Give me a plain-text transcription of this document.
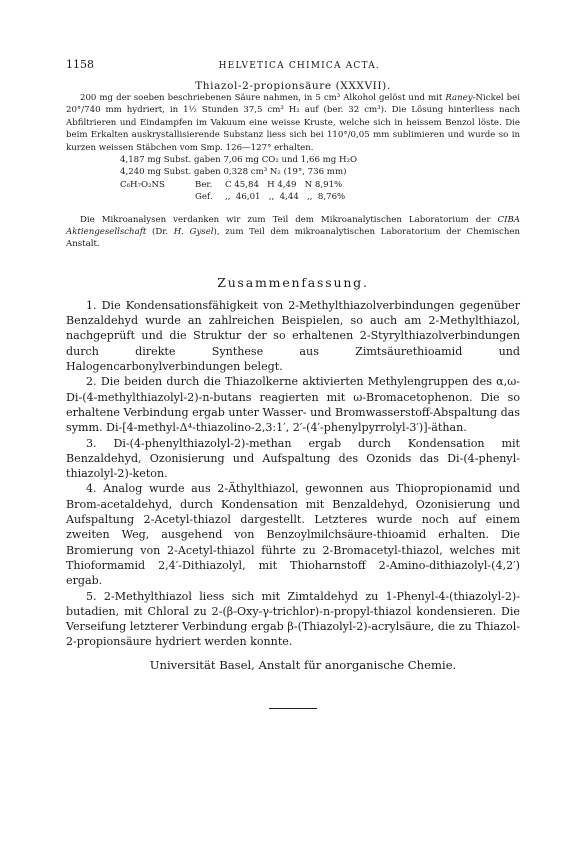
1158	HELVETICA CHIMICA ACTA.
Thiazol-2-propionsäure (XXXVII).

200 mg der soeben beschriebenen Säure nahmen, in 5 cm³ Alkohol gelöst und mit Raney-Nickel bei 20°/740 mm hydriert, in 1½ Stunden 37,5 cm³ H₂ auf (ber. 32 cm³). Die Lösung hinterliess nach Abfiltrieren und Eindampfen im Vakuum eine weisse Kruste, welche sich in heissem Benzol löste. Die beim Erkalten auskrystallisierende Substanz liess sich bei 110°/0,05 mm sublimieren und wurde so in kurzen weissen Stäbchen vom Smp. 126—127° erhalten.

4,187 mg Subst. gaben 7,06 mg CO₂ und 1,66 mg H₂O
4,240 mg Subst. gaben 0,328 cm³ N₂ (19°, 736 mm)
C₆H₇O₂NS	Ber.	C 45,84   H 4,49   N 8,91%
Gef.	,,  46,01   ,,  4,44   ,,  8,76%

Die Mikroanalysen verdanken wir zum Teil dem Mikroanalytischen Laboratorium der CIBA Aktiengesellschaft (Dr. H. Gysel), zum Teil dem mikroanalytischen Laboratorium der Chemischen Anstalt.

Zusammenfassung.

1. Die Kondensationsfähigkeit von 2-Methylthiazolverbindungen gegenüber Benzaldehyd wurde an zahlreichen Beispielen, so auch am 2-Methylthiazol, nachgeprüft und die Struktur der so erhaltenen 2-Styrylthiazolverbindungen durch direkte Synthese aus Zimtsäurethioamid und Halogencarbonylverbindungen belegt.

2. Die beiden durch die Thiazolkerne aktivierten Methylengruppen des α,ω-Di-(4-methylthiazolyl-2)-n-butans reagierten mit ω-Bromacetophenon. Die so erhaltene Verbindung ergab unter Wasser- und Bromwasserstoff-Abspaltung das symm. Di-[4-methyl-Δ⁴-thiazolino-2,3:1′, 2′-(4′-phenylpyrrolyl-3′)]-äthan.

3. Di-(4-phenylthiazolyl-2)-methan ergab durch Kondensation mit Benzaldehyd, Ozonisierung und Aufspaltung des Ozonids das Di-(4-phenyl-thiazolyl-2)-keton.

4. Analog wurde aus 2-Äthylthiazol, gewonnen aus Thiopropionamid und Brom-acetaldehyd, durch Kondensation mit Benzaldehyd, Ozonisierung und Aufspaltung 2-Acetyl-thiazol dargestellt. Letzteres wurde noch auf einem zweiten Weg, ausgehend von Benzoylmilchsäure-thioamid erhalten. Die Bromierung von 2-Acetyl-thiazol führte zu 2-Bromacetyl-thiazol, welches mit Thioformamid 2,4′-Dithiazolyl, mit Thioharnstoff 2-Amino-dithiazolyl-(4,2′) ergab.

5. 2-Methylthiazol liess sich mit Zimtaldehyd zu 1-Phenyl-4-(thiazolyl-2)-butadien, mit Chloral zu 2-(β-Oxy-γ-trichlor)-n-propyl-thiazol kondensieren. Die Verseifung letzterer Verbindung ergab β-(Thiazolyl-2)-acrylsäure, die zu Thiazol-2-propionsäure hydriert werden konnte.

Universität Basel, Anstalt für anorganische Chemie.
